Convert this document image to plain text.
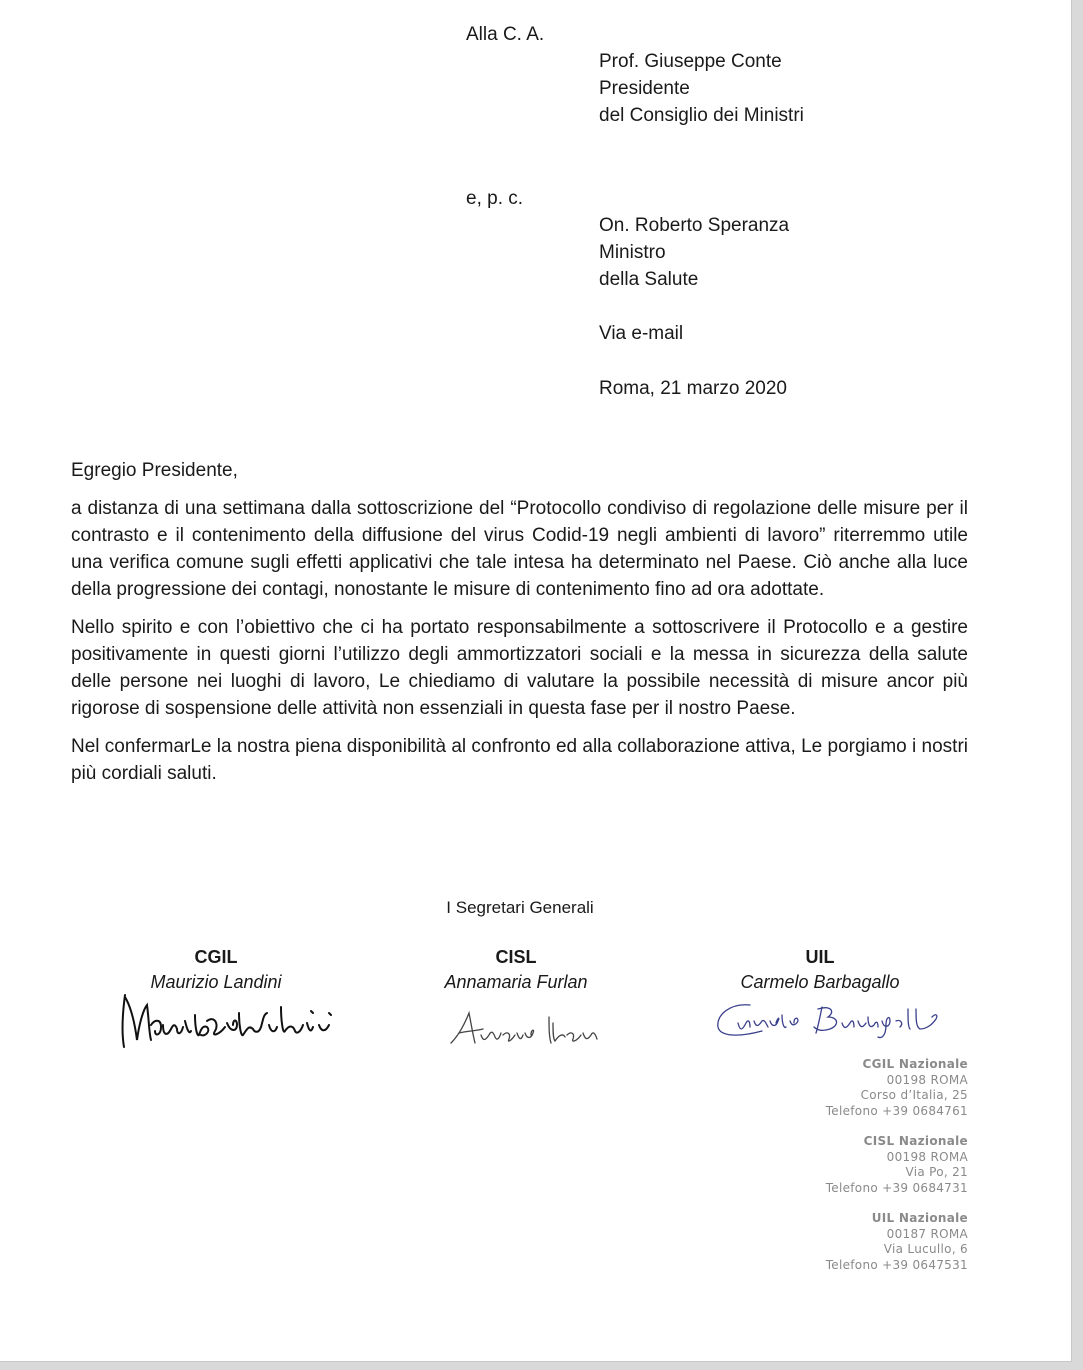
Alla C. A.
Prof. Giuseppe Conte
Presidente
del Consiglio dei Ministri
e, p. c.
On. Roberto Speranza
Ministro
della Salute
Via e-mail
Roma, 21 marzo 2020
Egregio Presidente,

a distanza di una settimana dalla sottoscrizione del “Protocollo condiviso di regolazione delle misure per il contrasto e il contenimento della diffusione del virus Codid-19 negli ambienti di lavoro” riterremmo utile una verifica comune sugli effetti applicativi che tale intesa ha determinato nel Paese. Ciò anche alla luce della progressione dei contagi, nonostante le misure di contenimento fino ad ora adottate.

Nello spirito e con l’obiettivo che ci ha portato responsabilmente a sottoscrivere il Protocollo e a gestire positivamente in questi giorni l’utilizzo degli ammortizzatori sociali e la messa in sicurezza della salute delle persone nei luoghi di lavoro, Le chiediamo di valutare la possibile necessità di misure ancor più rigorose di sospensione delle attività non essenziali in questa fase per il nostro Paese.

Nel confermarLe la nostra piena disponibilità al confronto ed alla collaborazione attiva, Le porgiamo i nostri più cordiali saluti.

I Segretari Generali
CGIL
Maurizio Landini
CISL
Annamaria Furlan
UIL
Carmelo Barbagallo
CGIL Nazionale
00198 ROMA
Corso d’Italia, 25
Telefono +39 0684761
CISL Nazionale
00198 ROMA
Via Po, 21
Telefono +39 0684731
UIL Nazionale
00187 ROMA
Via Lucullo, 6
Telefono +39 0647531
